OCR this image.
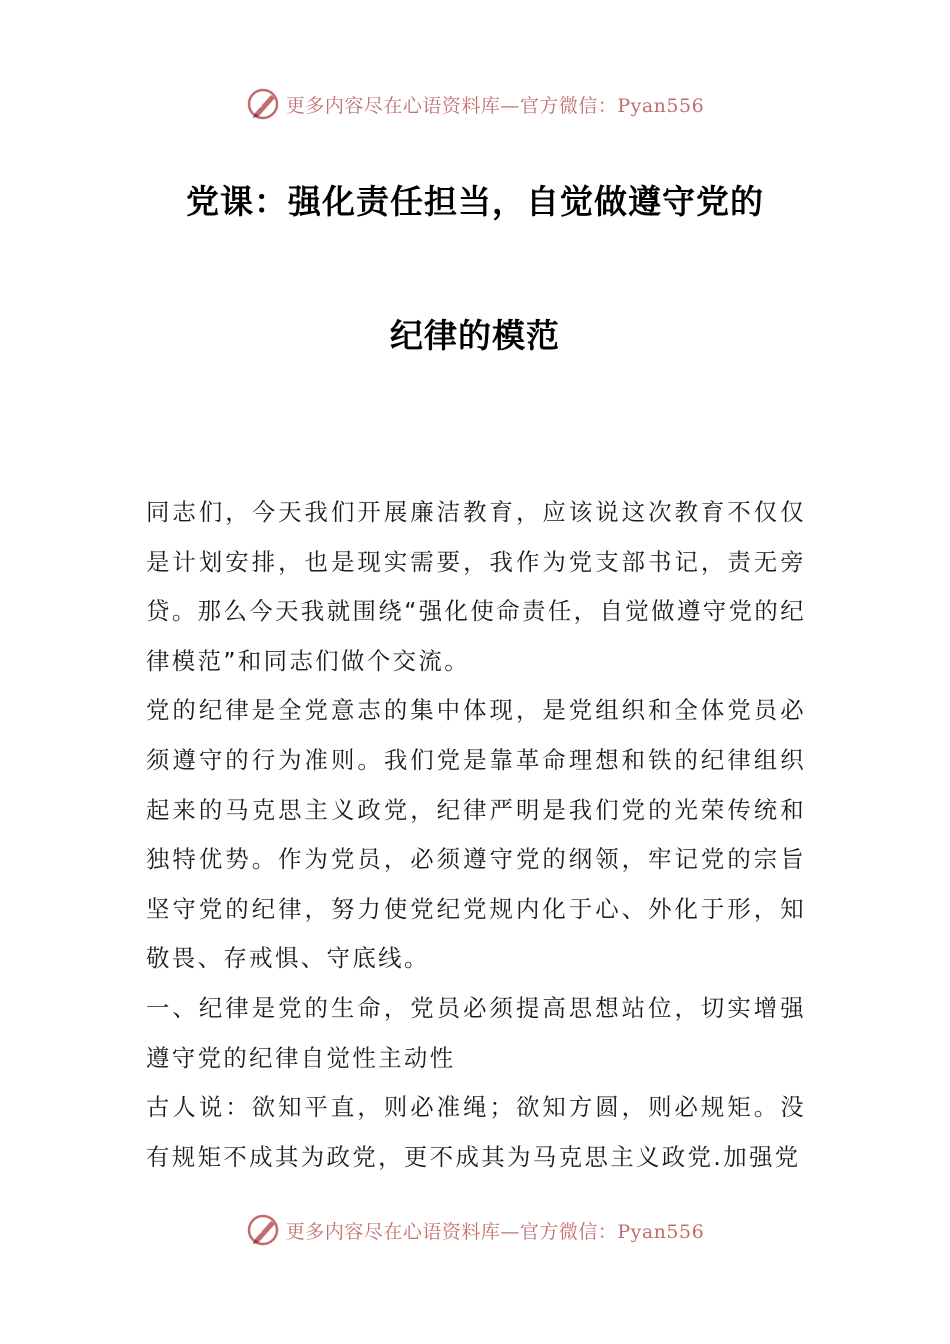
更多内容尽在心语资料库—官方微信：Pyan556
党课：强化责任担当，自觉做遵守党的
纪律的模范

同志们，今天我们开展廉洁教育，应该说这次教育不仅仅是计划安排，也是现实需要，我作为党支部书记，责无旁贷。那么今天我就围绕“强化使命责任，自觉做遵守党的纪律模范”和同志们做个交流。

党的纪律是全党意志的集中体现，是党组织和全体党员必须遵守的行为准则。我们党是靠革命理想和铁的纪律组织起来的马克思主义政党，纪律严明是我们党的光荣传统和独特优势。作为党员，必须遵守党的纲领，牢记党的宗旨坚守党的纪律，努力使党纪党规内化于心、外化于形，知敬畏、存戒惧、守底线。

一、纪律是党的生命，党员必须提高思想站位，切实增强遵守党的纪律自觉性主动性

古人说：欲知平直，则必准绳；欲知方圆，则必规矩。没有规矩不成其为政党，更不成其为马克思主义政党.加强党

更多内容尽在心语资料库—官方微信：Pyan556
